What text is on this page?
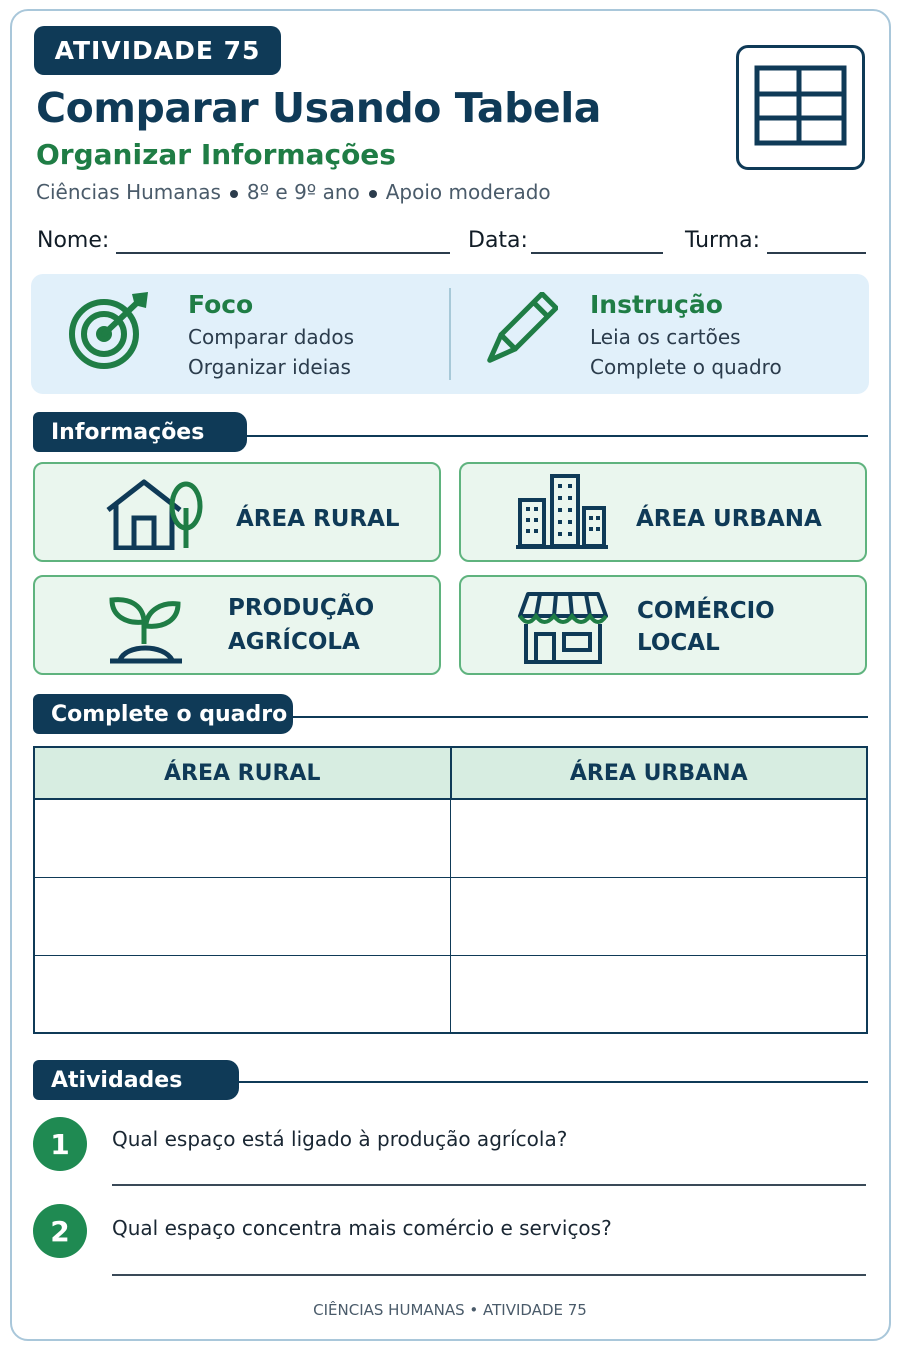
ATIVIDADE 75
Comparar Usando Tabela
Organizar Informações
Ciências Humanas 8º e 9º ano Apoio moderado
Nome:	Data:	Turma:
Foco
Comparar dados
Organizar ideias
Instrução
Leia os cartões
Complete o quadro
Informações
ÁREA RURAL	ÁREA URBANA
PRODUÇÃO
AGRÍCOLA
COMÉRCIO
LOCAL
Complete o quadro
ÁREA RURAL	ÁREA URBANA

Atividades
1	Qual espaço está ligado à produção agrícola?
2	Qual espaço concentra mais comércio e serviços?
CIÊNCIAS HUMANAS • ATIVIDADE 75
